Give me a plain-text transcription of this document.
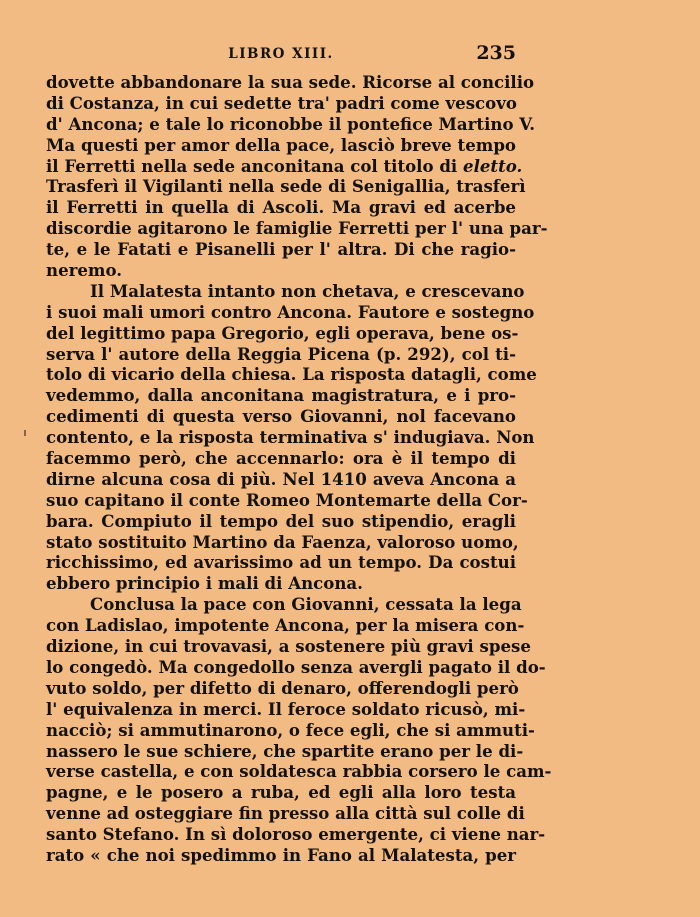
LIBRO XIII.	235
dovette abbandonare la sua sede. Ricorse al concilio
di Costanza, in cui sedette tra' padri come vescovo
d' Ancona; e tale lo riconobbe il pontefice Martino V.
Ma questi per amor della pace, lasciò breve tempo
il Ferretti nella sede anconitana col titolo di eletto.
Trasferì il Vigilanti nella sede di Senigallia, trasferì
il Ferretti in quella di Ascoli. Ma gravi ed acerbe
discordie agitarono le famiglie Ferretti per l' una par-
te, e le Fatati e Pisanelli per l' altra. Di che ragio-
neremo.
Il Malatesta intanto non chetava, e crescevano
i suoi mali umori contro Ancona. Fautore e sostegno
del legittimo papa Gregorio, egli operava, bene os-
serva l' autore della Reggia Picena (p. 292), col ti-
tolo di vicario della chiesa. La risposta datagli, come
vedemmo, dalla anconitana magistratura, e i pro-
cedimenti di questa verso Giovanni, nol facevano
contento, e la risposta terminativa s' indugiava. Non
facemmo però, che accennarlo: ora è il tempo di
dirne alcuna cosa di più. Nel 1410 aveva Ancona a
suo capitano il conte Romeo Montemarte della Cor-
bara. Compiuto il tempo del suo stipendio, eragli
stato sostituito Martino da Faenza, valoroso uomo,
ricchissimo, ed avarissimo ad un tempo. Da costui
ebbero principio i mali di Ancona.
Conclusa la pace con Giovanni, cessata la lega
con Ladislao, impotente Ancona, per la misera con-
dizione, in cui trovavasi, a sostenere più gravi spese
lo congedò. Ma congedollo senza avergli pagato il do-
vuto soldo, per difetto di denaro, offerendogli però
l' equivalenza in merci. Il feroce soldato ricusò, mi-
nacciò; si ammutinarono, o fece egli, che si ammuti-
nassero le sue schiere, che spartite erano per le di-
verse castella, e con soldatesca rabbia corsero le cam-
pagne, e le posero a ruba, ed egli alla loro testa
venne ad osteggiare fin presso alla città sul colle di
santo Stefano. In sì doloroso emergente, ci viene nar-
rato « che noi spedimmo in Fano al Malatesta, per
